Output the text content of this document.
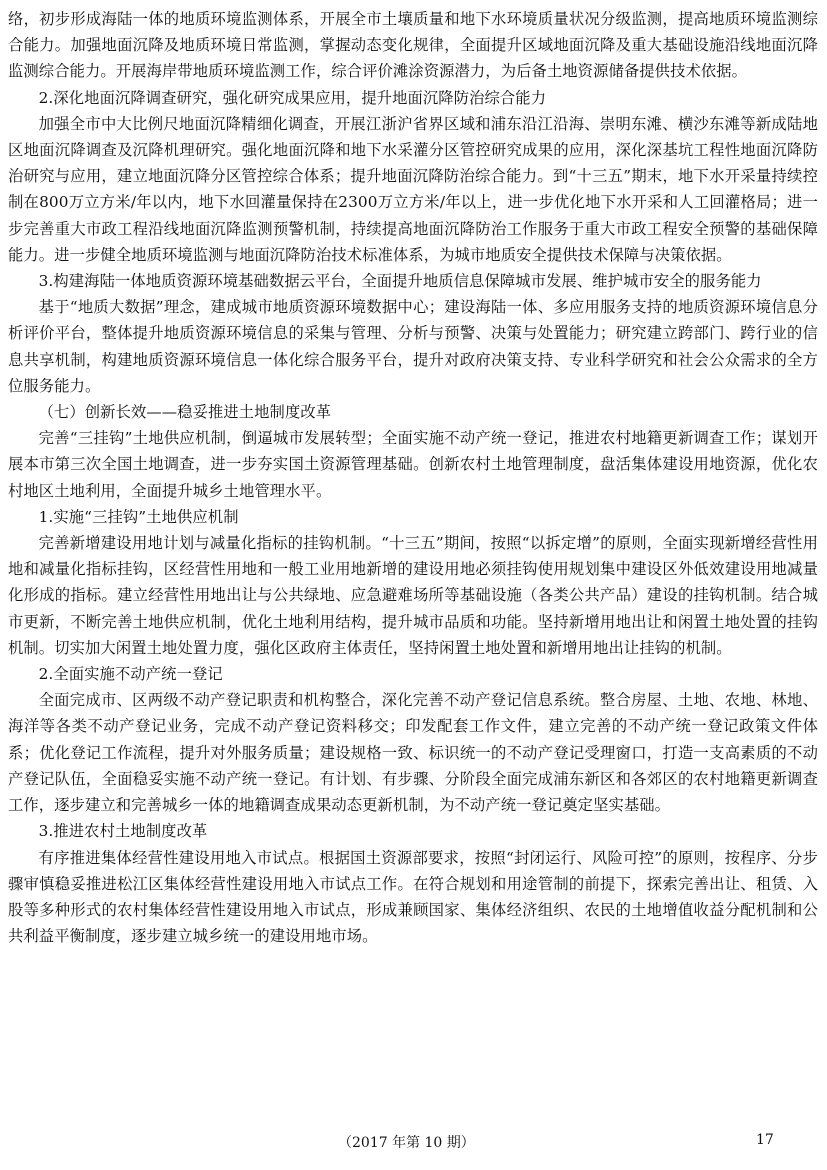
络，初步形成海陆一体的地质环境监测体系，开展全市土壤质量和地下水环境质量状况分级监测，提高地质环境监测综合能力。加强地面沉降及地质环境日常监测，掌握动态变化规律，全面提升区域地面沉降及重大基础设施沿线地面沉降监测综合能力。开展海岸带地质环境监测工作，综合评价滩涂资源潜力，为后备土地资源储备提供技术依据。

2.深化地面沉降调查研究，强化研究成果应用，提升地面沉降防治综合能力

加强全市中大比例尺地面沉降精细化调查，开展江浙沪省界区域和浦东沿江沿海、崇明东滩、横沙东滩等新成陆地区地面沉降调查及沉降机理研究。强化地面沉降和地下水采灌分区管控研究成果的应用，深化深基坑工程性地面沉降防治研究与应用，建立地面沉降分区管控综合体系；提升地面沉降防治综合能力。到“十三五”期末，地下水开采量持续控制在800万立方米/年以内，地下水回灌量保持在2300万立方米/年以上，进一步优化地下水开采和人工回灌格局；进一步完善重大市政工程沿线地面沉降监测预警机制，持续提高地面沉降防治工作服务于重大市政工程安全预警的基础保障能力。进一步健全地质环境监测与地面沉降防治技术标准体系，为城市地质安全提供技术保障与决策依据。

3.构建海陆一体地质资源环境基础数据云平台，全面提升地质信息保障城市发展、维护城市安全的服务能力

基于“地质大数据”理念，建成城市地质资源环境数据中心；建设海陆一体、多应用服务支持的地质资源环境信息分析评价平台，整体提升地质资源环境信息的采集与管理、分析与预警、决策与处置能力；研究建立跨部门、跨行业的信息共享机制，构建地质资源环境信息一体化综合服务平台，提升对政府决策支持、专业科学研究和社会公众需求的全方位服务能力。

（七）创新长效——稳妥推进土地制度改革

完善“三挂钩”土地供应机制，倒逼城市发展转型；全面实施不动产统一登记，推进农村地籍更新调查工作；谋划开展本市第三次全国土地调查，进一步夯实国土资源管理基础。创新农村土地管理制度，盘活集体建设用地资源，优化农村地区土地利用，全面提升城乡土地管理水平。

1.实施“三挂钩”土地供应机制

完善新增建设用地计划与减量化指标的挂钩机制。“十三五”期间，按照“以拆定增”的原则，全面实现新增经营性用地和减量化指标挂钩，区经营性用地和一般工业用地新增的建设用地必须挂钩使用规划集中建设区外低效建设用地减量化形成的指标。建立经营性用地出让与公共绿地、应急避难场所等基础设施（各类公共产品）建设的挂钩机制。结合城市更新，不断完善土地供应机制，优化土地利用结构，提升城市品质和功能。坚持新增用地出让和闲置土地处置的挂钩机制。切实加大闲置土地处置力度，强化区政府主体责任，坚持闲置土地处置和新增用地出让挂钩的机制。

2.全面实施不动产统一登记

全面完成市、区两级不动产登记职责和机构整合，深化完善不动产登记信息系统。整合房屋、土地、农地、林地、海洋等各类不动产登记业务，完成不动产登记资料移交；印发配套工作文件，建立完善的不动产统一登记政策文件体系；优化登记工作流程，提升对外服务质量；建设规格一致、标识统一的不动产登记受理窗口，打造一支高素质的不动产登记队伍，全面稳妥实施不动产统一登记。有计划、有步骤、分阶段全面完成浦东新区和各郊区的农村地籍更新调查工作，逐步建立和完善城乡一体的地籍调查成果动态更新机制，为不动产统一登记奠定坚实基础。

3.推进农村土地制度改革

有序推进集体经营性建设用地入市试点。根据国土资源部要求，按照“封闭运行、风险可控”的原则，按程序、分步骤审慎稳妥推进松江区集体经营性建设用地入市试点工作。在符合规划和用途管制的前提下，探索完善出让、租赁、入股等多种形式的农村集体经营性建设用地入市试点，形成兼顾国家、集体经济组织、农民的土地增值收益分配机制和公共利益平衡制度，逐步建立城乡统一的建设用地市场。

（2017 年第 10 期）	17
